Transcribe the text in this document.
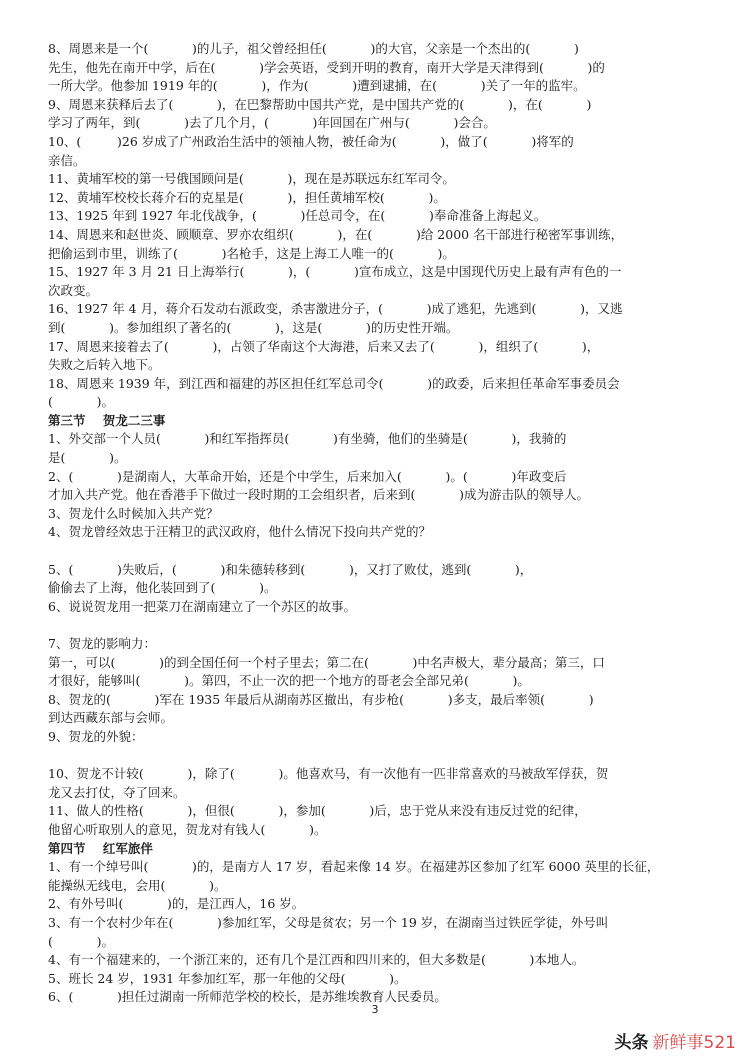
8、周恩来是一个(           )的儿子，祖父曾经担任(           )的大官，父亲是一个杰出的(           )
先生，他先在南开中学，后在(           )学会英语，受到开明的教育，南开大学是天津得到(           )的
一所大学。他参加 1919 年的(           )，作为(           )遭到逮捕，在(           )关了一年的监牢。
9、周恩来获释后去了(           )，在巴黎帮助中国共产党，是中国共产党的(           )，在(           )
学习了两年，到(           )去了几个月，(           )年回国在广州与(           )会合。
10、(         )26 岁成了广州政治生活中的领袖人物，被任命为(           )，做了(           )将军的
亲信。
11、黄埔军校的第一号俄国顾问是(           )，现在是苏联远东红军司令。
12、黄埔军校校长蒋介石的克星是(           )，担任黄埔军校(           )。
13、1925 年到 1927 年北伐战争，(           )任总司令，在(           )奉命准备上海起义。
14、周恩来和赵世炎、顾顺章、罗亦农组织(           )，在(           )给 2000 名干部进行秘密军事训练，
把偷运到市里，训练了(           )名枪手，这是上海工人唯一的(           )。
15、1927 年 3 月 21 日上海举行(           )，(           )宣布成立，这是中国现代历史上最有声有色的一
次政变。
16、1927 年 4 月，蒋介石发动右派政变，杀害激进分子，(           )成了逃犯，先逃到(           )，又逃
到(           )。参加组织了著名的(           )，这是(           )的历史性开端。
17、周恩来接着去了(           )，占领了华南这个大海港，后来又去了(           )，组织了(           )，
失败之后转入地下。
18、周恩来 1939 年，到江西和福建的苏区担任红军总司令(           )的政委，后来担任革命军事委员会
(           )。
第三节    贺龙二三事
1、外交部一个人员(           )和红军指挥员(           )有坐骑，他们的坐骑是(           )，我骑的
是(           )。
2、(           )是湖南人，大革命开始，还是个中学生，后来加入(           )。(           )年政变后
才加入共产党。他在香港手下做过一段时期的工会组织者，后来到(           )成为游击队的领导人。
3、贺龙什么时候加入共产党？
4、贺龙曾经效忠于汪精卫的武汉政府，他什么情况下投向共产党的？
5、(           )失败后，(           )和朱德转移到(           )，又打了败仗，逃到(           )，
偷偷去了上海，他化装回到了(           )。
6、说说贺龙用一把菜刀在湖南建立了一个苏区的故事。
7、贺龙的影响力：
第一，可以(           )的到全国任何一个村子里去；第二在(           )中名声极大，辈分最高；第三，口
才很好，能够叫(           )。第四，不止一次的把一个地方的哥老会全部兄弟(           )。
8、贺龙的(           )军在 1935 年最后从湖南苏区撤出，有步枪(           )多支，最后率领(           )
到达西藏东部与会师。
9、贺龙的外貌：
10、贺龙不计较(           )，除了(           )。他喜欢马，有一次他有一匹非常喜欢的马被敌军俘获，贺
龙又去打仗，夺了回来。
11、做人的性格(           )，但很(           )，参加(           )后，忠于党从来没有违反过党的纪律，
他留心听取别人的意见，贺龙对有钱人(           )。
第四节    红军旅伴
1、有一个绰号叫(           )的，是南方人 17 岁，看起来像 14 岁。在福建苏区参加了红军 6000 英里的长征，
能操纵无线电，会用(           )。
2、有外号叫(           )的，是江西人，16 岁。
3、有一个农村少年在(           )参加红军，父母是贫农；另一个 19 岁，在湖南当过铁匠学徒，外号叫
(           )。
4、有一个福建来的，一个浙江来的，还有几个是江西和四川来的，但大多数是(           )本地人。
5、班长 24 岁，1931 年参加红军，那一年他的父母(           )。
6、(           )担任过湖南一所师范学校的校长，是苏维埃教育人民委员。
3
头条 新鲜事521
